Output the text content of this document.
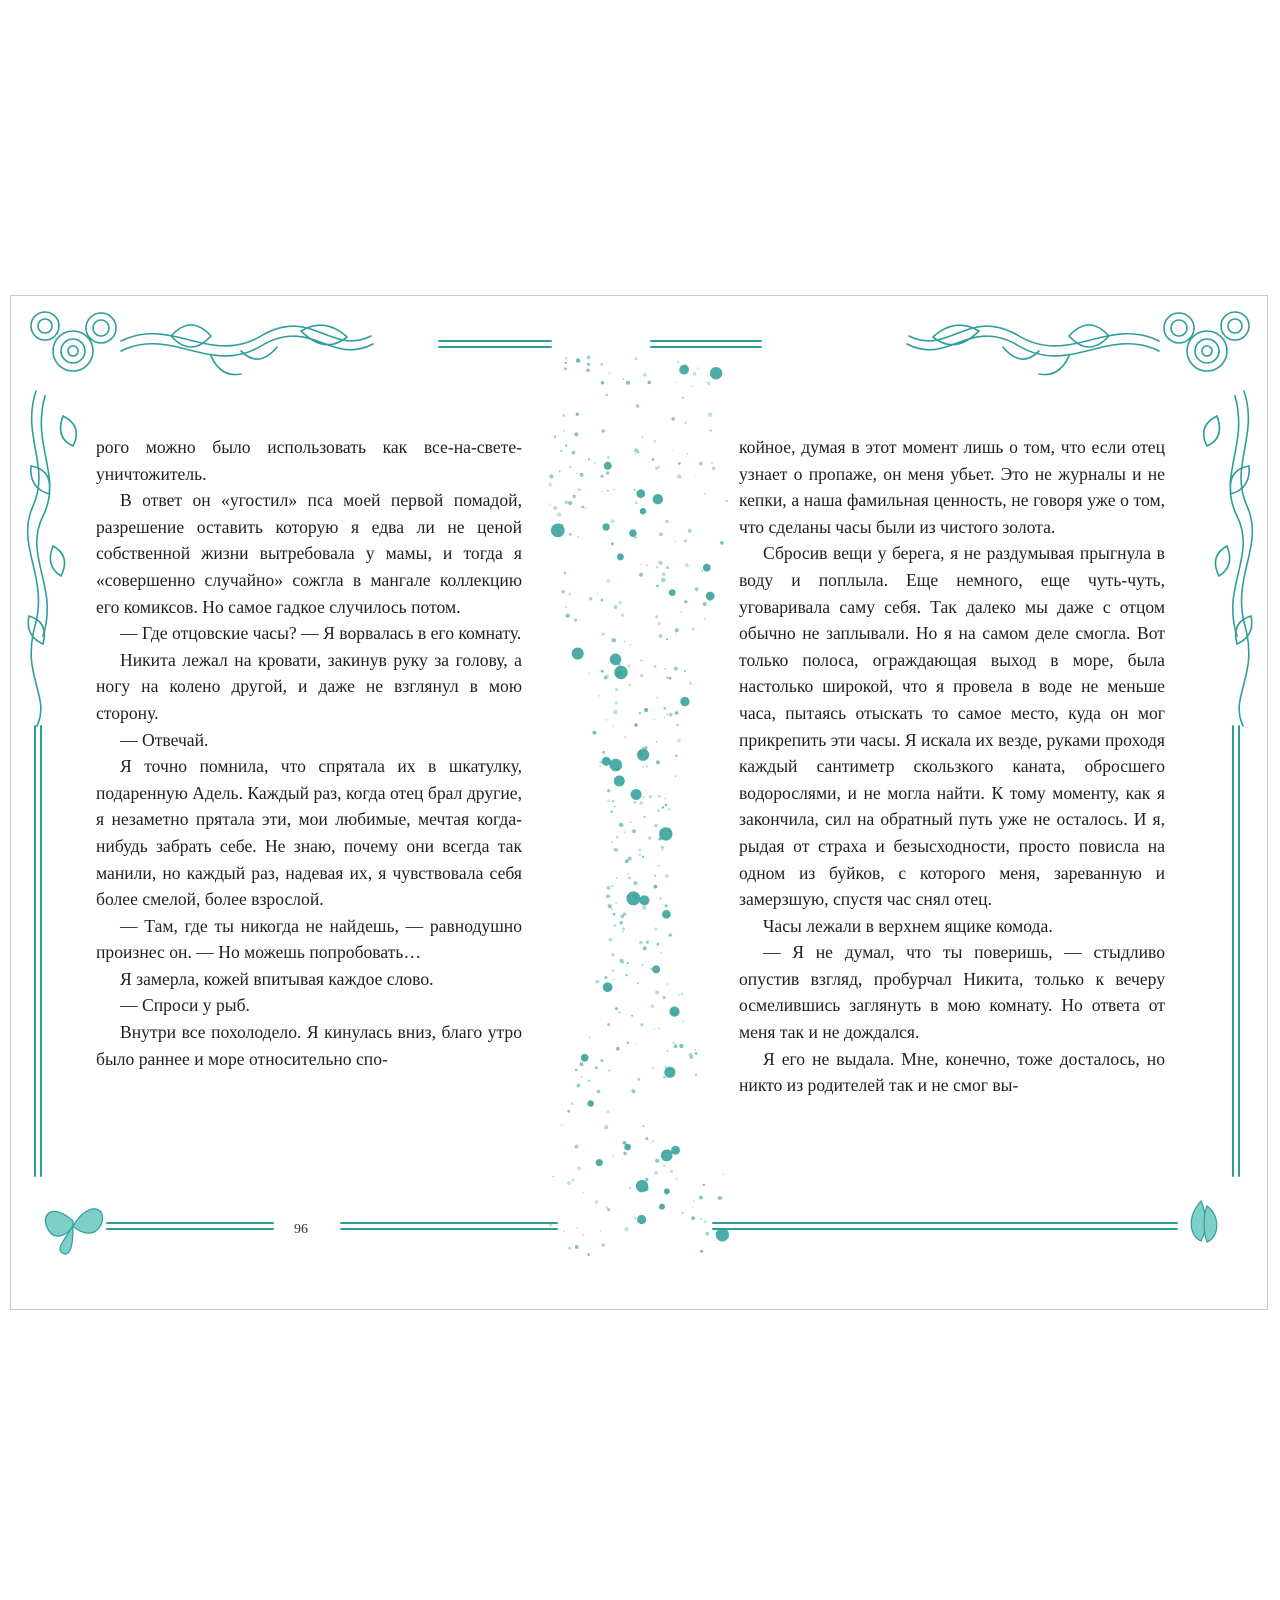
рого можно было использовать как все-на-свете-уничтожитель.

В ответ он «угостил» пса моей первой помадой, разрешение оставить которую я едва ли не ценой собственной жизни вытребовала у мамы, и тогда я «совершенно случайно» сожгла в мангале коллекцию его комиксов. Но самое гадкое случилось потом.

— Где отцовские часы? — Я ворвалась в его комнату.

Никита лежал на кровати, закинув руку за голову, а ногу на колено другой, и даже не взглянул в мою сторону.

— Отвечай.

Я точно помнила, что спрятала их в шкатулку, подаренную Адель. Каждый раз, когда отец брал другие, я незаметно прятала эти, мои любимые, мечтая когда-нибудь забрать себе. Не знаю, почему они всегда так манили, но каждый раз, надевая их, я чувствовала себя более смелой, более взрослой.

— Там, где ты никогда не найдешь, — равнодушно произнес он. — Но можешь попробовать…

Я замерла, кожей впитывая каждое слово.

— Спроси у рыб.

Внутри все похолодело. Я кинулась вниз, благо утро было раннее и море относительно спо-

койное, думая в этот момент лишь о том, что если отец узнает о пропаже, он меня убьет. Это не журналы и не кепки, а наша фамильная ценность, не говоря уже о том, что сделаны часы были из чистого золота.

Сбросив вещи у берега, я не раздумывая прыгнула в воду и поплыла. Еще немного, еще чуть-чуть, уговаривала саму себя. Так далеко мы даже с отцом обычно не заплывали. Но я на самом деле смогла. Вот только полоса, ограждающая выход в море, была настолько широкой, что я провела в воде не меньше часа, пытаясь отыскать то самое место, куда он мог прикрепить эти часы. Я искала их везде, руками проходя каждый сантиметр скользкого каната, обросшего водорослями, и не могла найти. К тому моменту, как я закончила, сил на обратный путь уже не осталось. И я, рыдая от страха и безысходности, просто повисла на одном из буйков, с которого меня, зареванную и замерзшую, спустя час снял отец.

Часы лежали в верхнем ящике комода.

— Я не думал, что ты поверишь, — стыдливо опустив взгляд, пробурчал Никита, только к вечеру осмелившись заглянуть в мою комнату. Но ответа от меня так и не дождался.

Я его не выдала. Мне, конечно, тоже досталось, но никто из родителей так и не смог вы-

96
